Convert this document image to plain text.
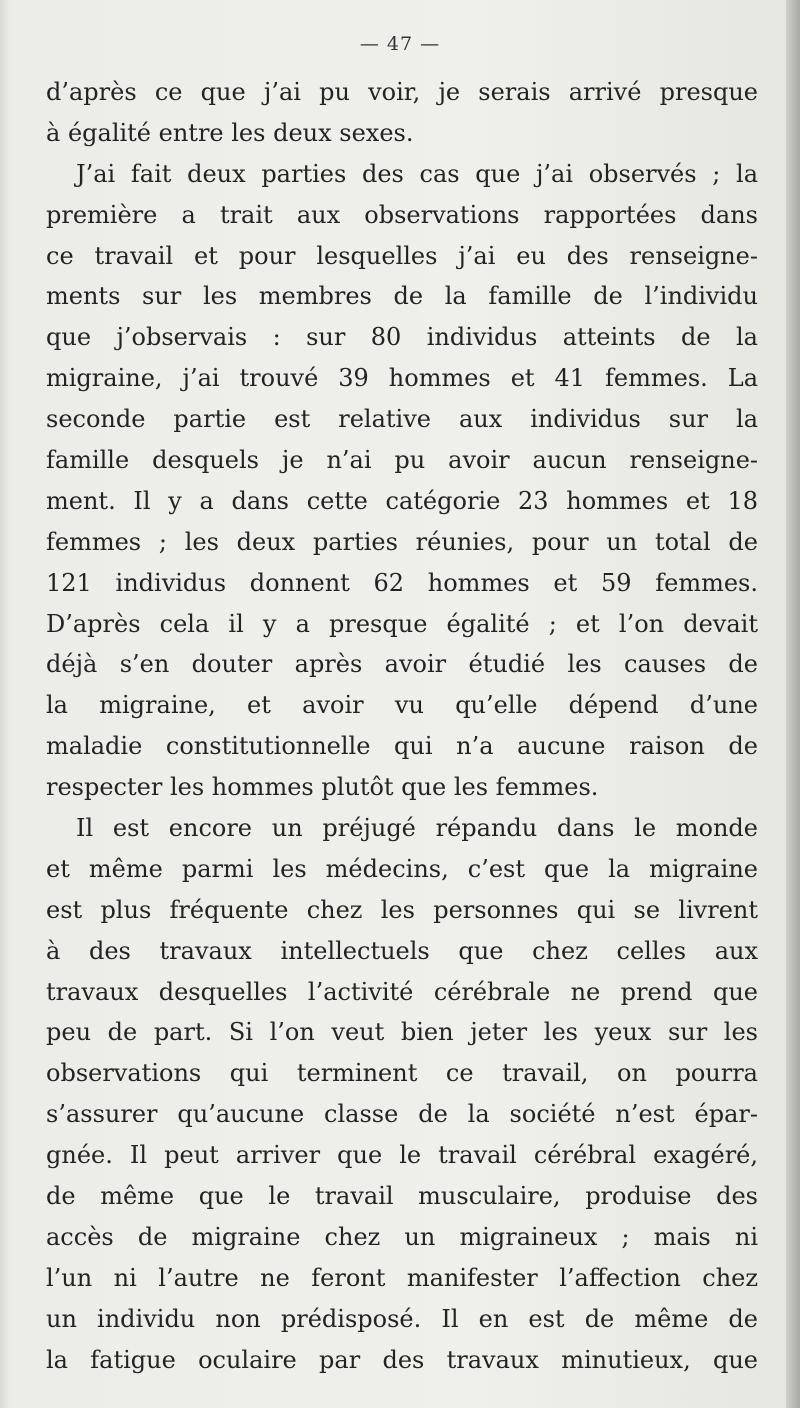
— 47 —
d’après ce que j’ai pu voir, je serais arrivé presque
à égalité entre les deux sexes.
J’ai fait deux parties des cas que j’ai observés ; la
première a trait aux observations rapportées dans
ce travail et pour lesquelles j’ai eu des renseigne-
ments sur les membres de la famille de l’individu
que j’observais : sur 80 individus atteints de la
migraine, j’ai trouvé 39 hommes et 41 femmes. La
seconde partie est relative aux individus sur la
famille desquels je n’ai pu avoir aucun renseigne-
ment. Il y a dans cette catégorie 23 hommes et 18
femmes ; les deux parties réunies, pour un total de
121 individus donnent 62 hommes et 59 femmes.
D’après cela il y a presque égalité ; et l’on devait
déjà s’en douter après avoir étudié les causes de
la migraine, et avoir vu qu’elle dépend d’une
maladie constitutionnelle qui n’a aucune raison de
respecter les hommes plutôt que les femmes.
Il est encore un préjugé répandu dans le monde
et même parmi les médecins, c’est que la migraine
est plus fréquente chez les personnes qui se livrent
à des travaux intellectuels que chez celles aux
travaux desquelles l’activité cérébrale ne prend que
peu de part. Si l’on veut bien jeter les yeux sur les
observations qui terminent ce travail, on pourra
s’assurer qu’aucune classe de la société n’est épar-
gnée. Il peut arriver que le travail cérébral exagéré,
de même que le travail musculaire, produise des
accès de migraine chez un migraineux ; mais ni
l’un ni l’autre ne feront manifester l’affection chez
un individu non prédisposé. Il en est de même de
la fatigue oculaire par des travaux minutieux, que
